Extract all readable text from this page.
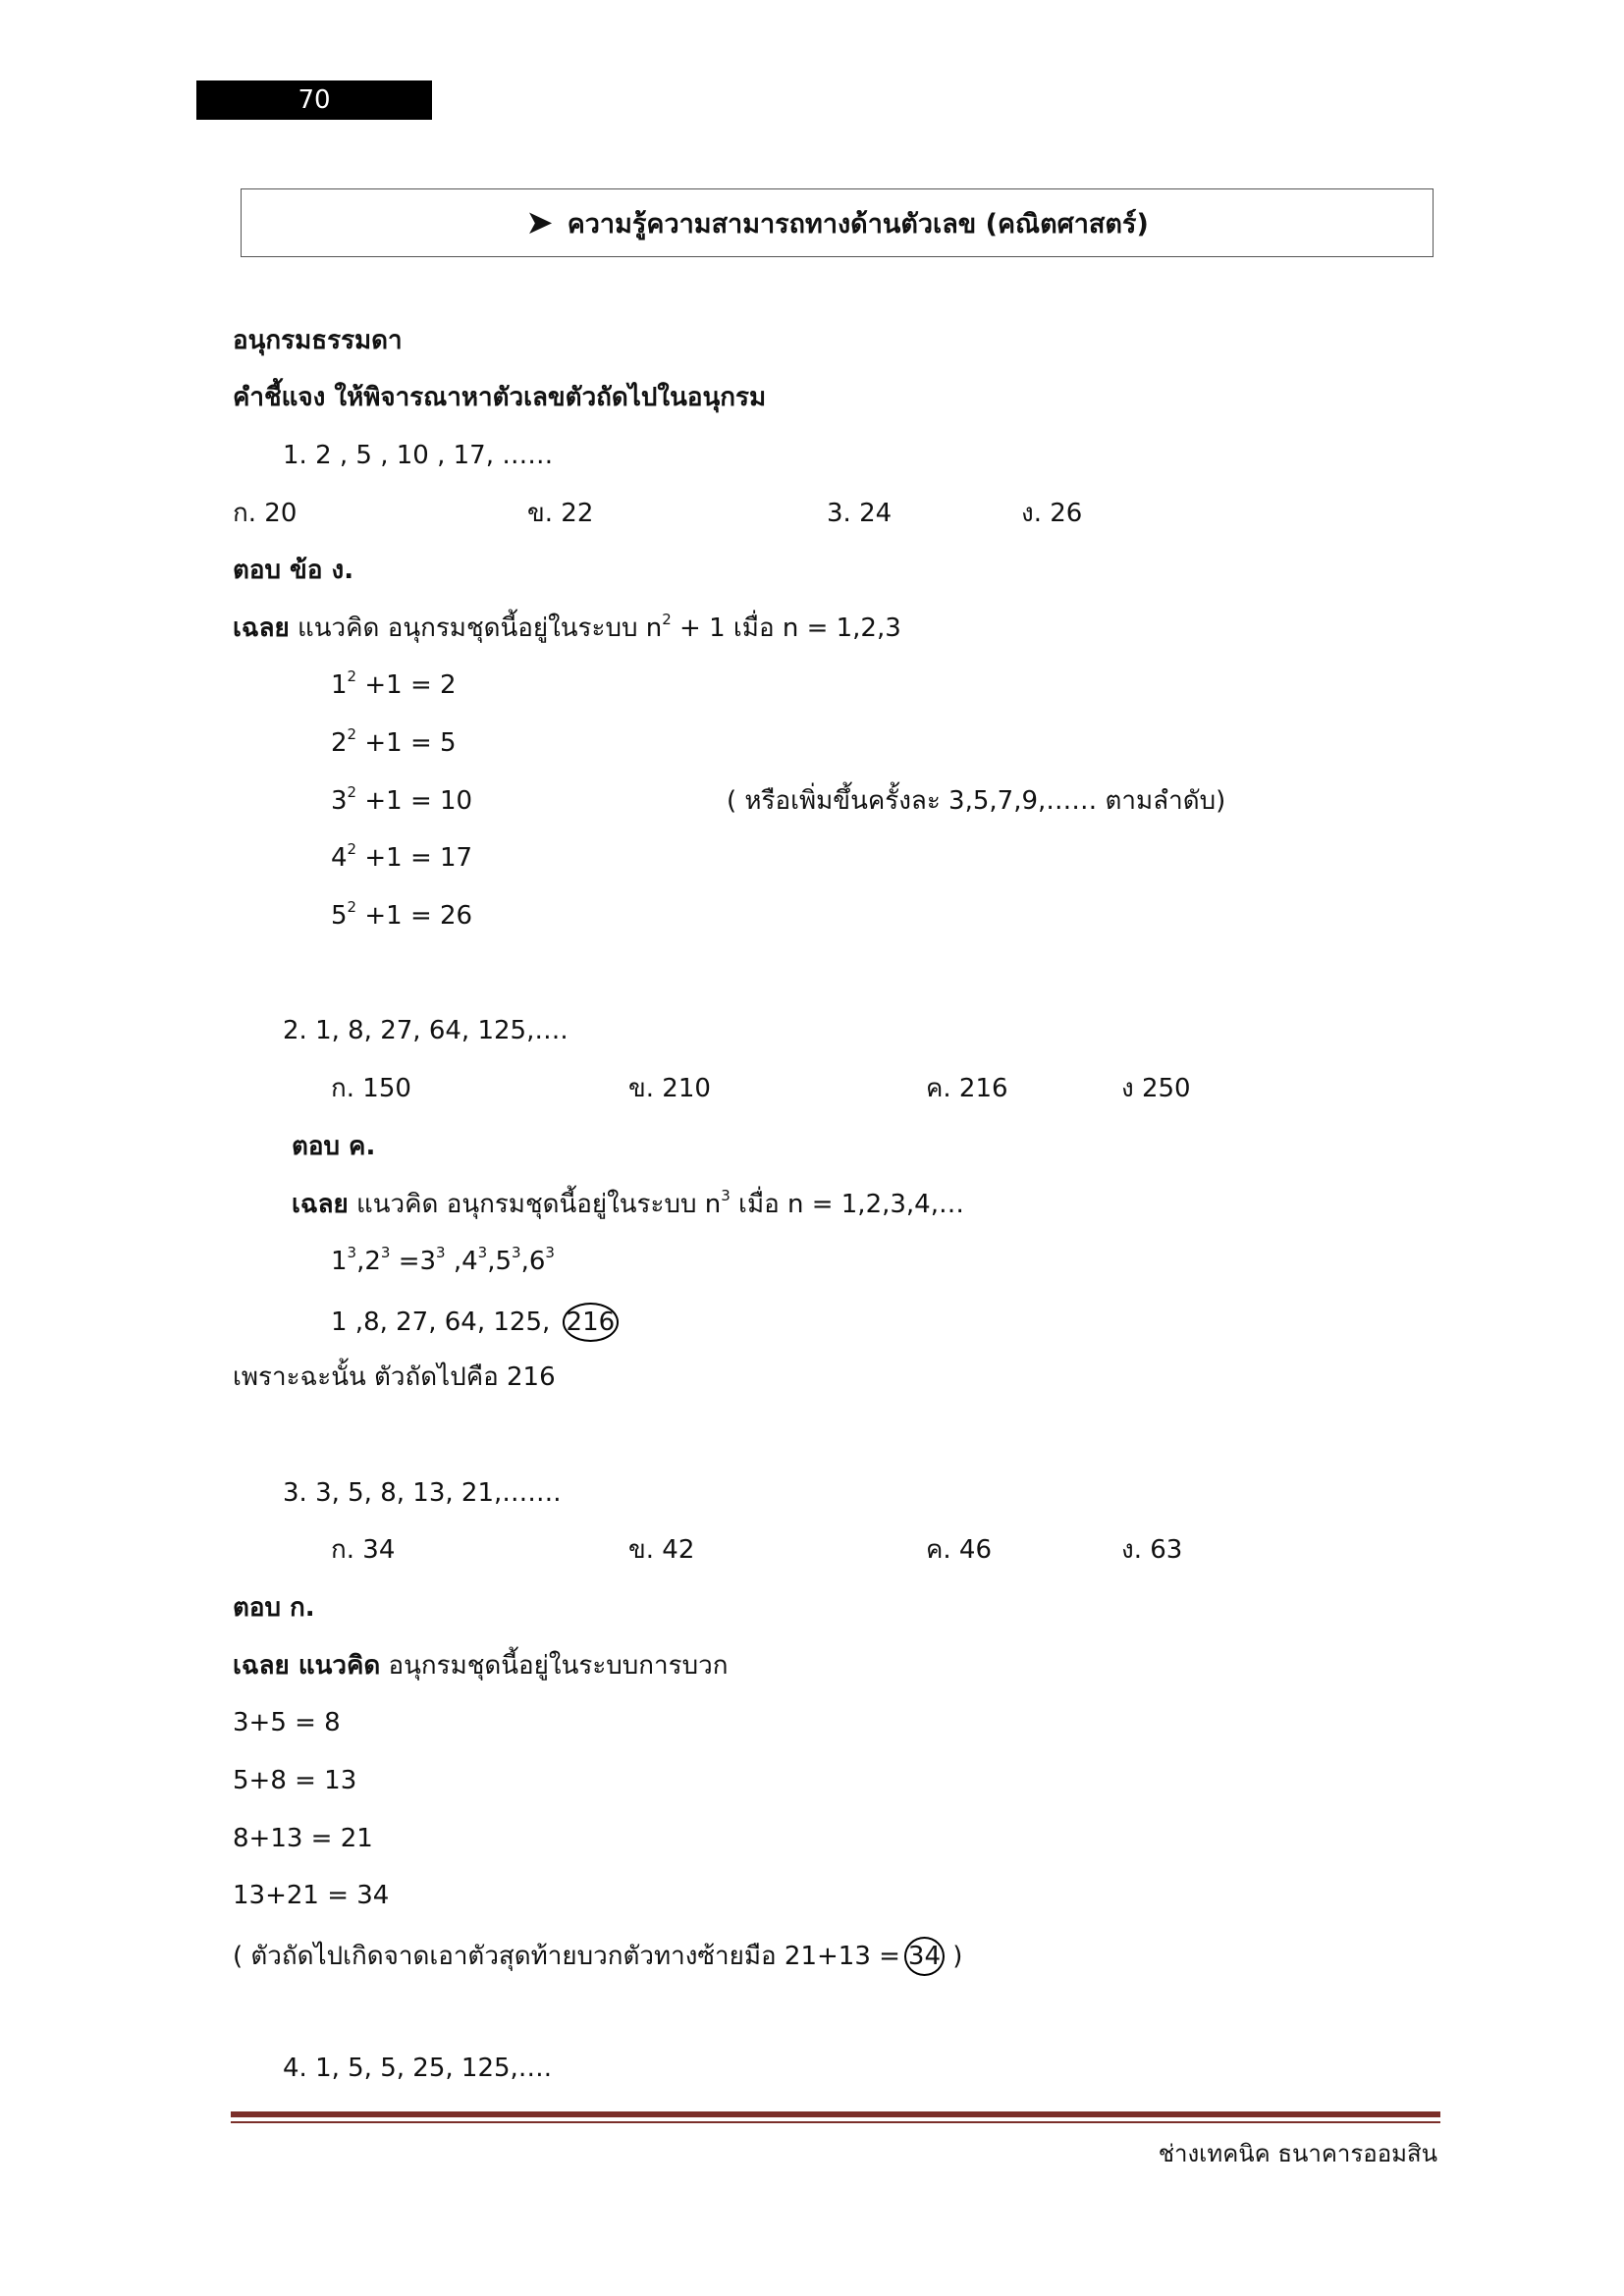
70
➤ ความรู้ความสามารถทางด้านตัวเลข (คณิตศาสตร์)
อนุกรมธรรมดา
คำชี้แจง ให้พิจารณาหาตัวเลขตัวถัดไปในอนุกรม
1. 2 , 5 , 10 , 17, ……
ก. 20	ข. 22	3. 24	ง. 26
ตอบ ข้อ ง.
เฉลย แนวคิด อนุกรมชุดนี้อยู่ในระบบ $n^2 + 1$ เมื่อ n = 1,2,3
$1^2 +1 = 2$
$2^2 +1 = 5$
$3^2 +1 = 10$	( หรือเพิ่มขึ้นครั้งละ 3,5,7,9,…… ตามลำดับ)
$4^2 +1 = 17$
$5^2 +1 = 26$
2. 1, 8, 27, 64, 125,….
ก. 150	ข. 210	ค. 216	ง 250
ตอบ ค.
เฉลย แนวคิด อนุกรมชุดนี้อยู่ในระบบ $n^3$ เมื่อ n = 1,2,3,4,…
$1^3,2^3 =3^3$ $,4^3,5^3,6^3$
1 ,8, 27, 64, 125, 216
เพราะฉะนั้น ตัวถัดไปคือ 216
3. 3, 5, 8, 13, 21,…….
ก. 34	ข. 42	ค. 46	ง. 63
ตอบ ก.
เฉลย แนวคิด อนุกรมชุดนี้อยู่ในระบบการบวก
3+5 = 8
5+8 = 13
8+13 = 21
13+21 = 34
( ตัวถัดไปเกิดจาดเอาตัวสุดท้ายบวกตัวทางซ้ายมือ 21+13 = 34 )
4. 1, 5, 5, 25, 125,….
ช่างเทคนิค ธนาคารออมสิน
